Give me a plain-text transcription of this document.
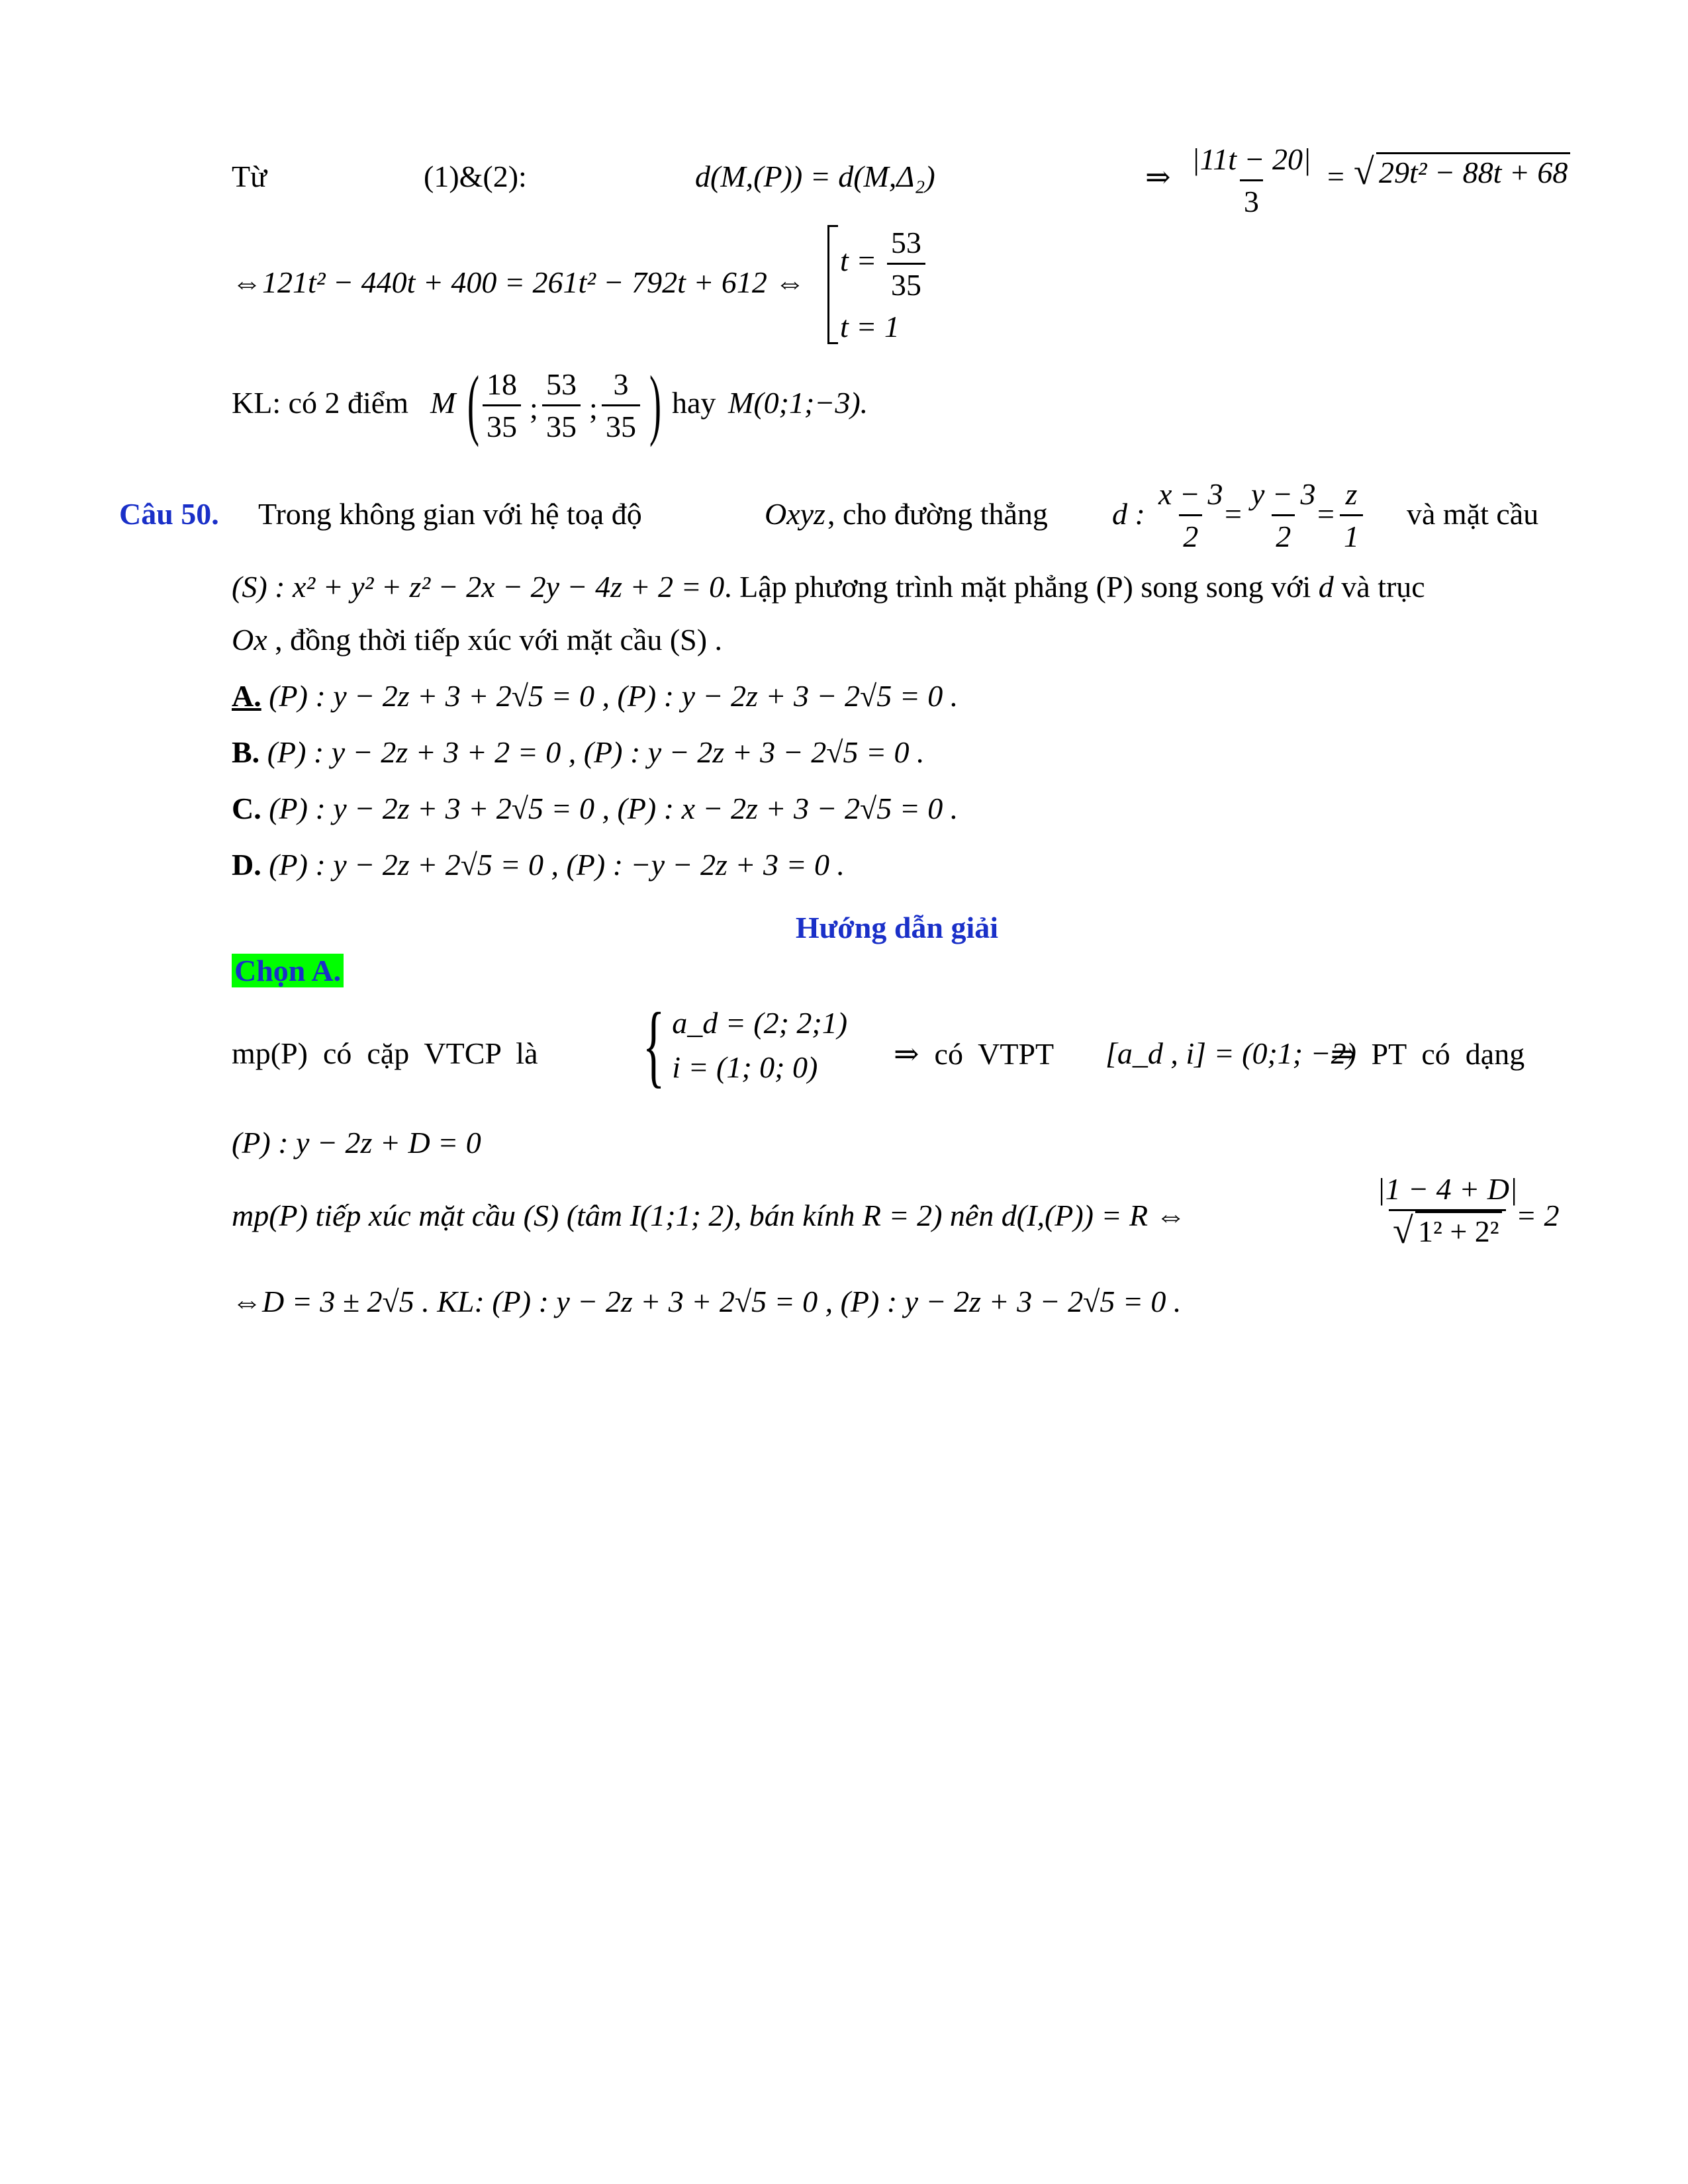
Từ	(1)&(2):	d(M,(P)) = d(M,Δ₂)	⇒ $\frac{|11t - 20|}{3}$ =
√	29t² − 88t + 68
⇔121t² − 440t + 400 = 261t² − 792t + 612 ⇔
$t = \frac{53}{35}$
t = 1
KL: có 2 điểm M ( $\frac{18}{35}$ ; $\frac{53}{35}$ ; $\frac{3}{35}$ ) hay M(0;1;−3).
Câu 50. Trong không gian với hệ toạ độ	Oxyz , cho đường thẳng d : $\frac{x - 3}{2}$
= $\frac{y - 3}{2}$
= $\frac{z}{1}$ và mặt cầu
(S) : x² + y² + z² − 2x − 2y − 4z + 2 = 0. Lập phương trình mặt phẳng (P) song song với d và trục
Ox , đồng thời tiếp xúc với mặt cầu (S) .
A. (P) : y − 2z + 3 + 2√5 = 0 , (P) : y − 2z + 3 − 2√5 = 0 .
B. (P) : y − 2z + 3 + 2 = 0 , (P) : y − 2z + 3 − 2√5 = 0 .
C. (P) : y − 2z + 3 + 2√5 = 0 , (P) : x − 2z + 3 − 2√5 = 0 .
D. (P) : y − 2z + 2√5 = 0 , (P) : −y − 2z + 3 = 0 .
Hướng dẫn giải
Chọn A.
mp(P)  có  cặp  VTCP  là { a_d = (2; 2;1)
i = (1; 0; 0)	⇒  có  VTPT [a_d , i] = (0;1; −2)
⇒  PT  có  dạng
(P) : y − 2z + D = 0
mp(P) tiếp xúc mặt cầu (S) (tâm I(1;1; 2), bán kính R = 2) nên d(I,(P)) = R ⇔	|1 − 4 + D|
√ 1² + 2²
= 2
⇔D = 3 ± 2√5 . KL: (P) : y − 2z + 3 + 2√5 = 0 , (P) : y − 2z + 3 − 2√5 = 0 .
